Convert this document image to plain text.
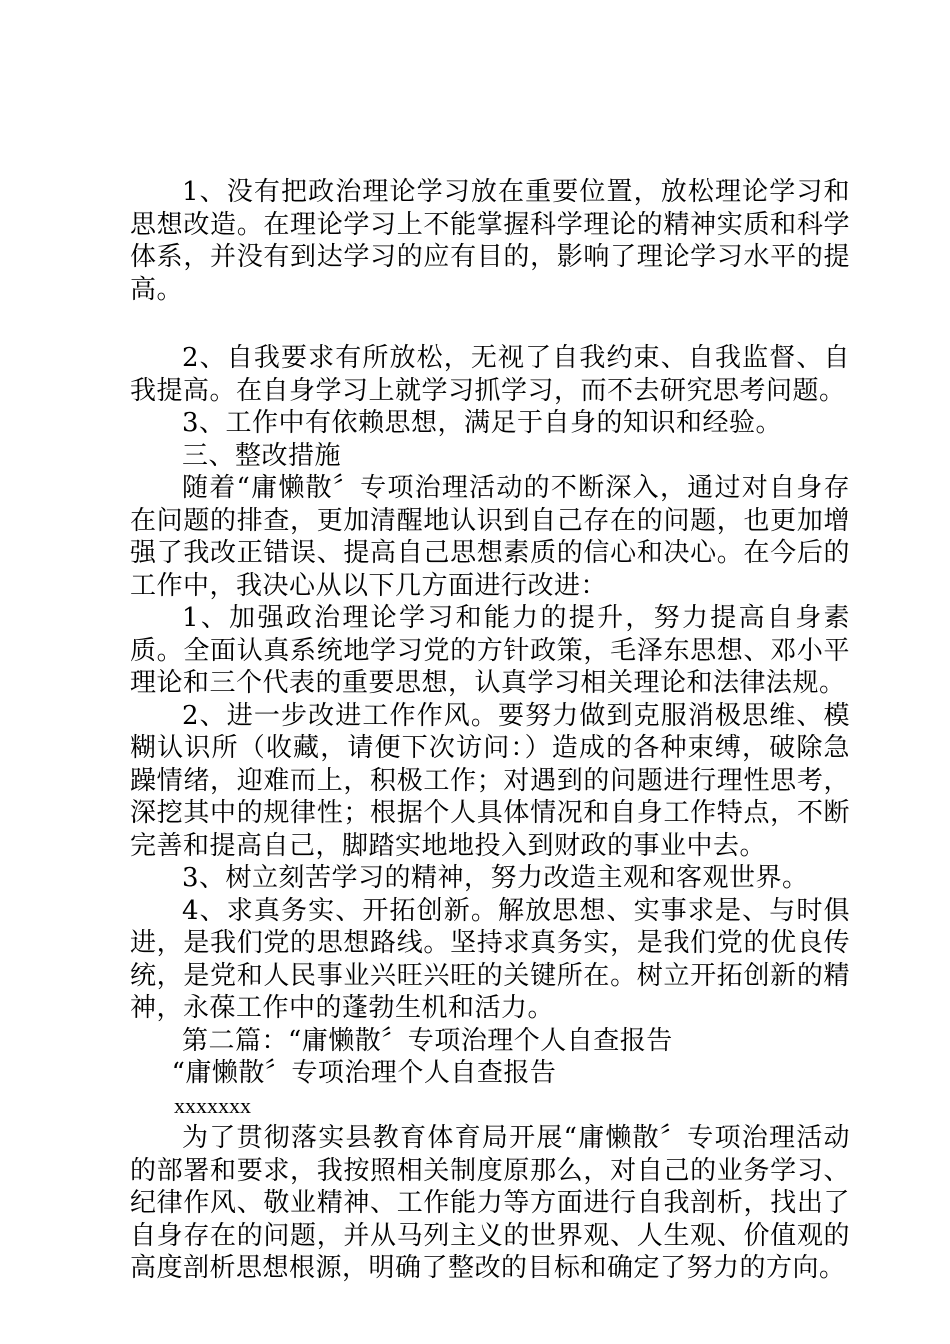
1、没有把政治理论学习放在重要位置，放松理论学习和思想改造。在理论学习上不能掌握科学理论的精神实质和科学体系，并没有到达学习的应有目的，影响了理论学习水平的提高。

2、自我要求有所放松，无视了自我约束、自我监督、自我提高。在自身学习上就学习抓学习，而不去研究思考问题。

3、工作中有依赖思想，满足于自身的知识和经验。

三、整改措施

随着“庸懒散〞专项治理活动的不断深入，通过对自身存在问题的排查，更加清醒地认识到自己存在的问题，也更加增强了我改正错误、提高自己思想素质的信心和决心。在今后的工作中，我决心从以下几方面进行改进：

1、加强政治理论学习和能力的提升，努力提高自身素质。全面认真系统地学习党的方针政策，毛泽东思想、邓小平理论和三个代表的重要思想，认真学习相关理论和法律法规。

2、进一步改进工作作风。要努力做到克服消极思维、模糊认识所（收藏，请便下次访问：）造成的各种束缚，破除急躁情绪，迎难而上，积极工作；对遇到的问题进行理性思考，深挖其中的规律性；根据个人具体情况和自身工作特点，不断完善和提高自己，脚踏实地地投入到财政的事业中去。

3、树立刻苦学习的精神，努力改造主观和客观世界。

4、求真务实、开拓创新。解放思想、实事求是、与时俱进，是我们党的思想路线。坚持求真务实，是我们党的优良传统，是党和人民事业兴旺兴旺的关键所在。树立开拓创新的精神，永葆工作中的蓬勃生机和活力。

第二篇：“庸懒散〞专项治理个人自查报告

“庸懒散〞专项治理个人自查报告

xxxxxxx

为了贯彻落实县教育体育局开展“庸懒散〞专项治理活动的部署和要求，我按照相关制度原那么，对自己的业务学习、纪律作风、敬业精神、工作能力等方面进行自我剖析，找出了自身存在的问题，并从马列主义的世界观、人生观、价值观的高度剖析思想根源，明确了整改的目标和确定了努力的方向。
